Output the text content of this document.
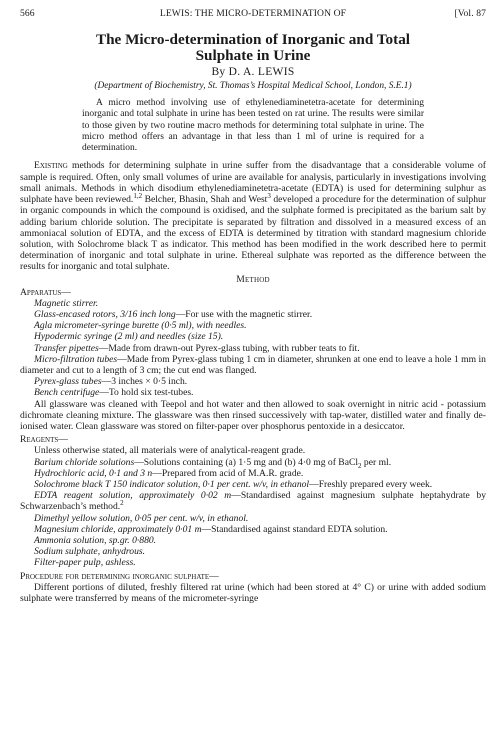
566	LEWIS: THE MICRO-DETERMINATION OF	[Vol. 87
The Micro-determination of Inorganic and Total
Sulphate in Urine
By D. A. LEWIS
(Department of Biochemistry, St. Thomas’s Hospital Medical School, London, S.E.1)
A micro method involving use of ethylenediaminetetra-acetate for determining inorganic and total sulphate in urine has been tested on rat urine. The results were similar to those given by two routine macro methods for determining total sulphate in urine. The micro method offers an advantage in that less than 1 ml of urine is required for a determination.

Existing methods for determining sulphate in urine suffer from the disadvantage that a considerable volume of sample is required. Often, only small volumes of urine are available for analysis, particularly in investigations involving small animals. Methods in which disodium ethylenediaminetetra-acetate (EDTA) is used for determining sulphur as sulphate have been reviewed.$^{1,2}$ Belcher, Bhasin, Shah and West$^3$ developed a procedure for the determination of sulphur in organic compounds in which the compound is oxidised, and the sulphate formed is precipitated as the barium salt by adding barium chloride solution. The precipitate is separated by filtration and dissolved in a measured excess of an ammoniacal solution of EDTA, and the excess of EDTA is determined by titration with standard magnesium chloride solution, with Solochrome black T as indicator. This method has been modified in the work described here to permit determination of inorganic and total sulphate in urine. Ethereal sulphate was reported as the difference between the results for inorganic and total sulphate.

Method
Apparatus—
Magnetic stirrer.
Glass-encased rotors, 3/16 inch long—For use with the magnetic stirrer.
Agla micrometer-syringe burette (0·5 ml), with needles.
Hypodermic syringe (2 ml) and needles (size 15).
Transfer pipettes—Made from drawn-out Pyrex-glass tubing, with rubber teats to fit.
Micro-filtration tubes—Made from Pyrex-glass tubing 1 cm in diameter, shrunken at one end to leave a hole 1 mm in diameter and cut to a length of 3 cm; the cut end was flanged.
Pyrex-glass tubes—3 inches × 0·5 inch.
Bench centrifuge—To hold six test-tubes.

All glassware was cleaned with Teepol and hot water and then allowed to soak overnight in nitric acid - potassium dichromate cleaning mixture. The glassware was then rinsed successively with tap-water, distilled water and finally de-ionised water. Clean glassware was stored on filter-paper over phosphorus pentoxide in a desiccator.

Reagents—

Unless otherwise stated, all materials were of analytical-reagent grade.

Barium chloride solutions—Solutions containing (a) 1·5 mg and (b) 4·0 mg of BaCl$_2$ per ml.
Hydrochloric acid, 0·1 and 3 n—Prepared from acid of M.A.R. grade.
Solochrome black T 150 indicator solution, 0·1 per cent. w/v, in ethanol—Freshly prepared every week.
EDTA reagent solution, approximately 0·02 m—Standardised against magnesium sulphate heptahydrate by Schwarzenbach’s method.$^2$
Dimethyl yellow solution, 0·05 per cent. w/v, in ethanol.
Magnesium chloride, approximately 0·01 m—Standardised against standard EDTA solution.
Ammonia solution, sp.gr. 0·880.
Sodium sulphate, anhydrous.
Filter-paper pulp, ashless.
Procedure for determining inorganic sulphate—

Different portions of diluted, freshly filtered rat urine (which had been stored at 4° C) or urine with added sodium sulphate were transferred by means of the micrometer-syringe
